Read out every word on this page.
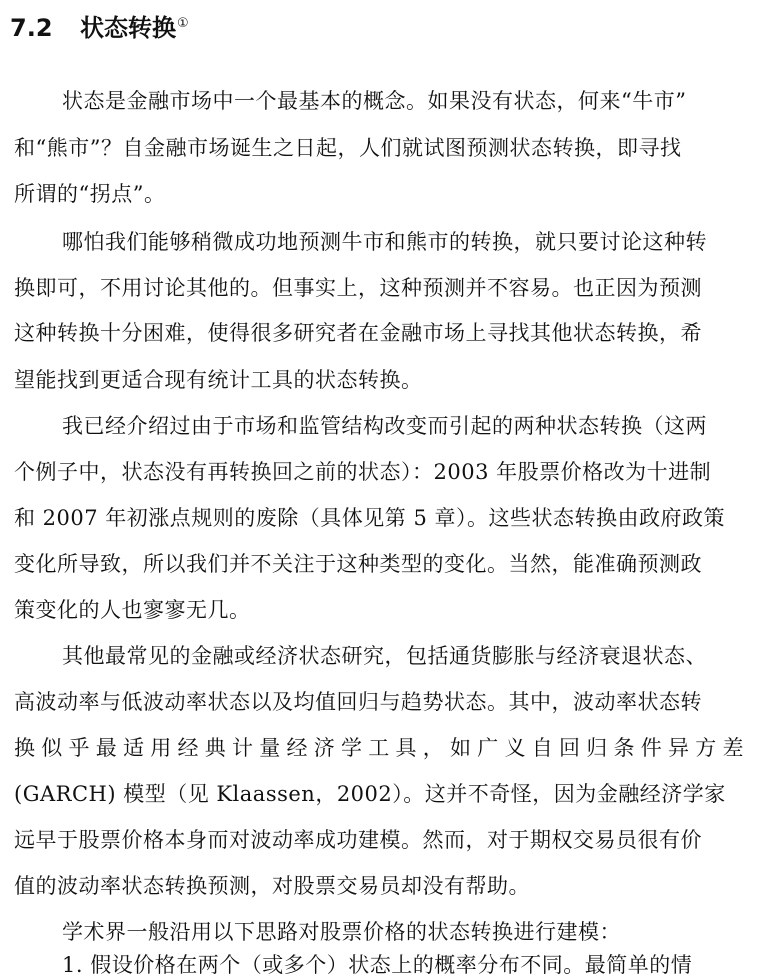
7.2 状态转换①
状态是金融市场中一个最基本的概念。如果没有状态，何来“牛市”
和“熊市”？自金融市场诞生之日起，人们就试图预测状态转换，即寻找
所谓的“拐点”。
哪怕我们能够稍微成功地预测牛市和熊市的转换，就只要讨论这种转
换即可，不用讨论其他的。但事实上，这种预测并不容易。也正因为预测
这种转换十分困难，使得很多研究者在金融市场上寻找其他状态转换，希
望能找到更适合现有统计工具的状态转换。
我已经介绍过由于市场和监管结构改变而引起的两种状态转换（这两
个例子中，状态没有再转换回之前的状态）：2003 年股票价格改为十进制
和 2007 年初涨点规则的废除（具体见第 5 章）。这些状态转换由政府政策
变化所导致，所以我们并不关注于这种类型的变化。当然，能准确预测政
策变化的人也寥寥无几。
其他最常见的金融或经济状态研究，包括通货膨胀与经济衰退状态、
高波动率与低波动率状态以及均值回归与趋势状态。其中，波动率状态转
换似乎最适用经典计量经济学工具，如广义自回归条件异方差
(GARCH) 模型（见 Klaassen，2002）。这并不奇怪，因为金融经济学家
远早于股票价格本身而对波动率成功建模。然而，对于期权交易员很有价
值的波动率状态转换预测，对股票交易员却没有帮助。
学术界一般沿用以下思路对股票价格的状态转换进行建模：
1. 假设价格在两个（或多个）状态上的概率分布不同。最简单的情
